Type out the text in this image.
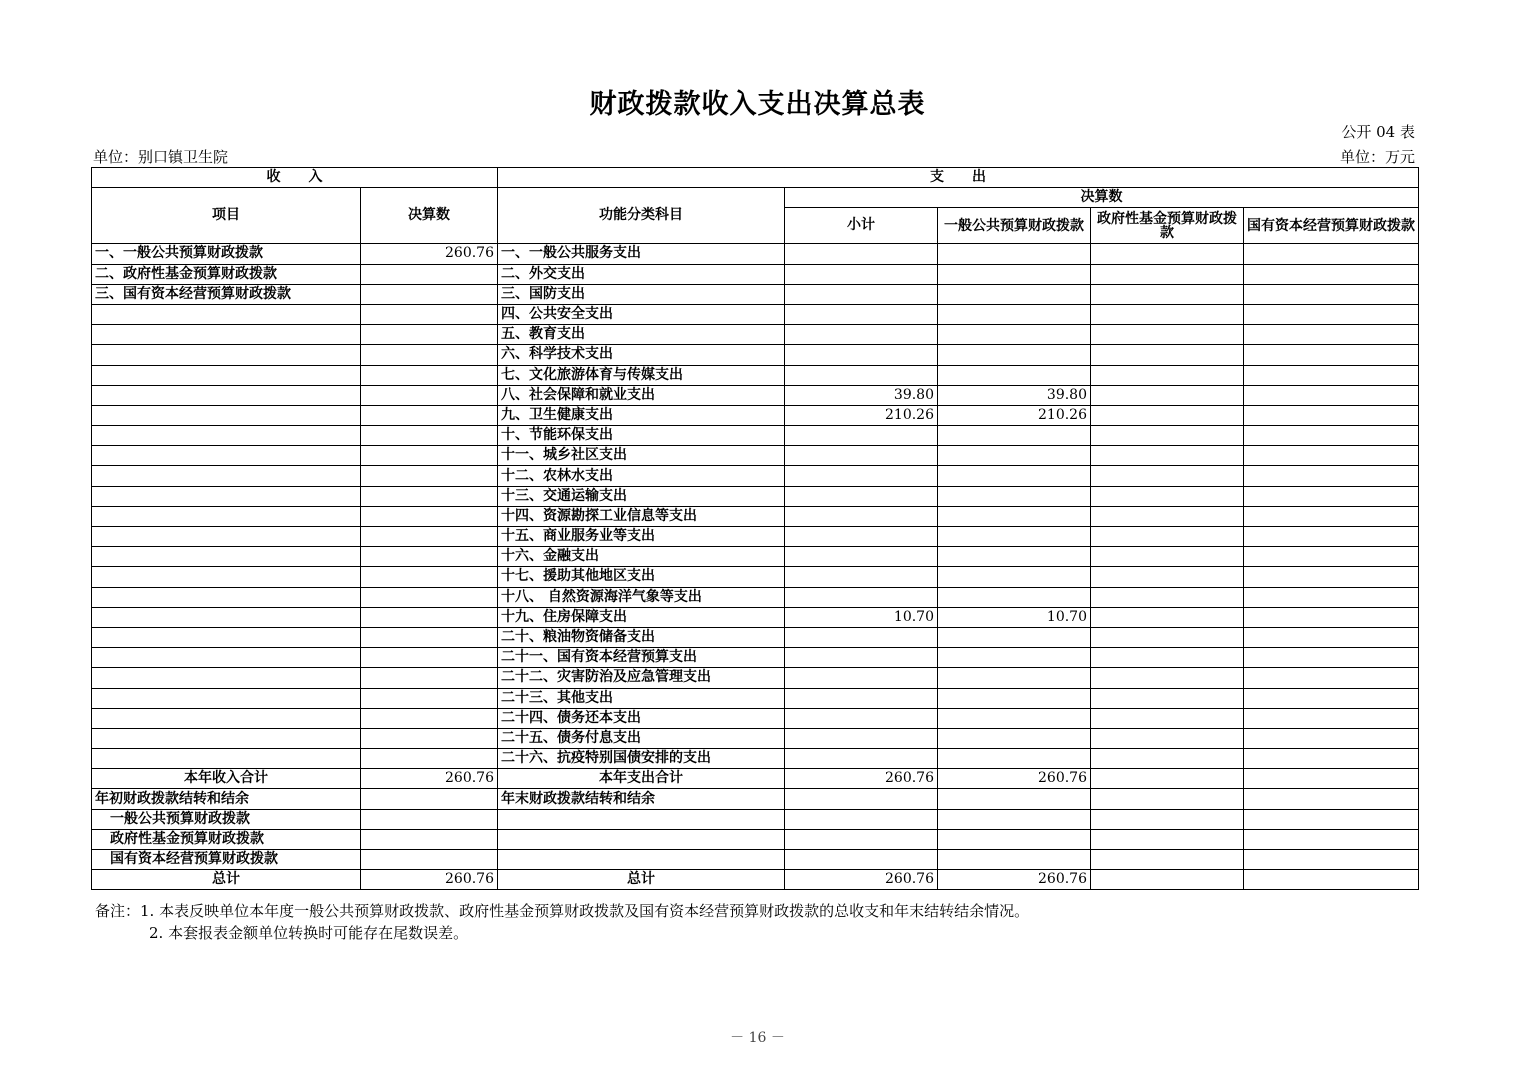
财政拨款收入支出决算总表
公开 04 表
单位：别口镇卫生院	单位：万元
收　　入		支　　出				
项目	决算数	功能分类科目	决算数			
			小计	一般公共预算财政拨款	政府性基金预算财政拨款	国有资本经营预算财政拨款
一、一般公共预算财政拨款	260.76	一、一般公共服务支出				
二、政府性基金预算财政拨款		二、外交支出				
三、国有资本经营预算财政拨款		三、国防支出				
		四、公共安全支出				
		五、教育支出				
		六、科学技术支出				
		七、文化旅游体育与传媒支出				
		八、社会保障和就业支出	39.80	39.80		
		九、卫生健康支出	210.26	210.26		
		十、节能环保支出				
		十一、城乡社区支出				
		十二、农林水支出				
		十三、交通运输支出				
		十四、资源勘探工业信息等支出				
		十五、商业服务业等支出				
		十六、金融支出				
		十七、援助其他地区支出				
		十八、 自然资源海洋气象等支出				
		十九、住房保障支出	10.70	10.70		
		二十、粮油物资储备支出				
		二十一、国有资本经营预算支出				
		二十二、灾害防治及应急管理支出				
		二十三、其他支出				
		二十四、债务还本支出				
		二十五、债务付息支出				
		二十六、抗疫特别国债安排的支出				
本年收入合计	260.76	本年支出合计	260.76	260.76		
年初财政拨款结转和结余		年末财政拨款结转和结余				
一般公共预算财政拨款						
政府性基金预算财政拨款						
国有资本经营预算财政拨款						
总计	260.76	总计	260.76	260.76		
备注：1. 本表反映单位本年度一般公共预算财政拨款、政府性基金预算财政拨款及国有资本经营预算财政拨款的总收支和年末结转结余情况。
2. 本套报表金额单位转换时可能存在尾数误差。
－ 16 －
